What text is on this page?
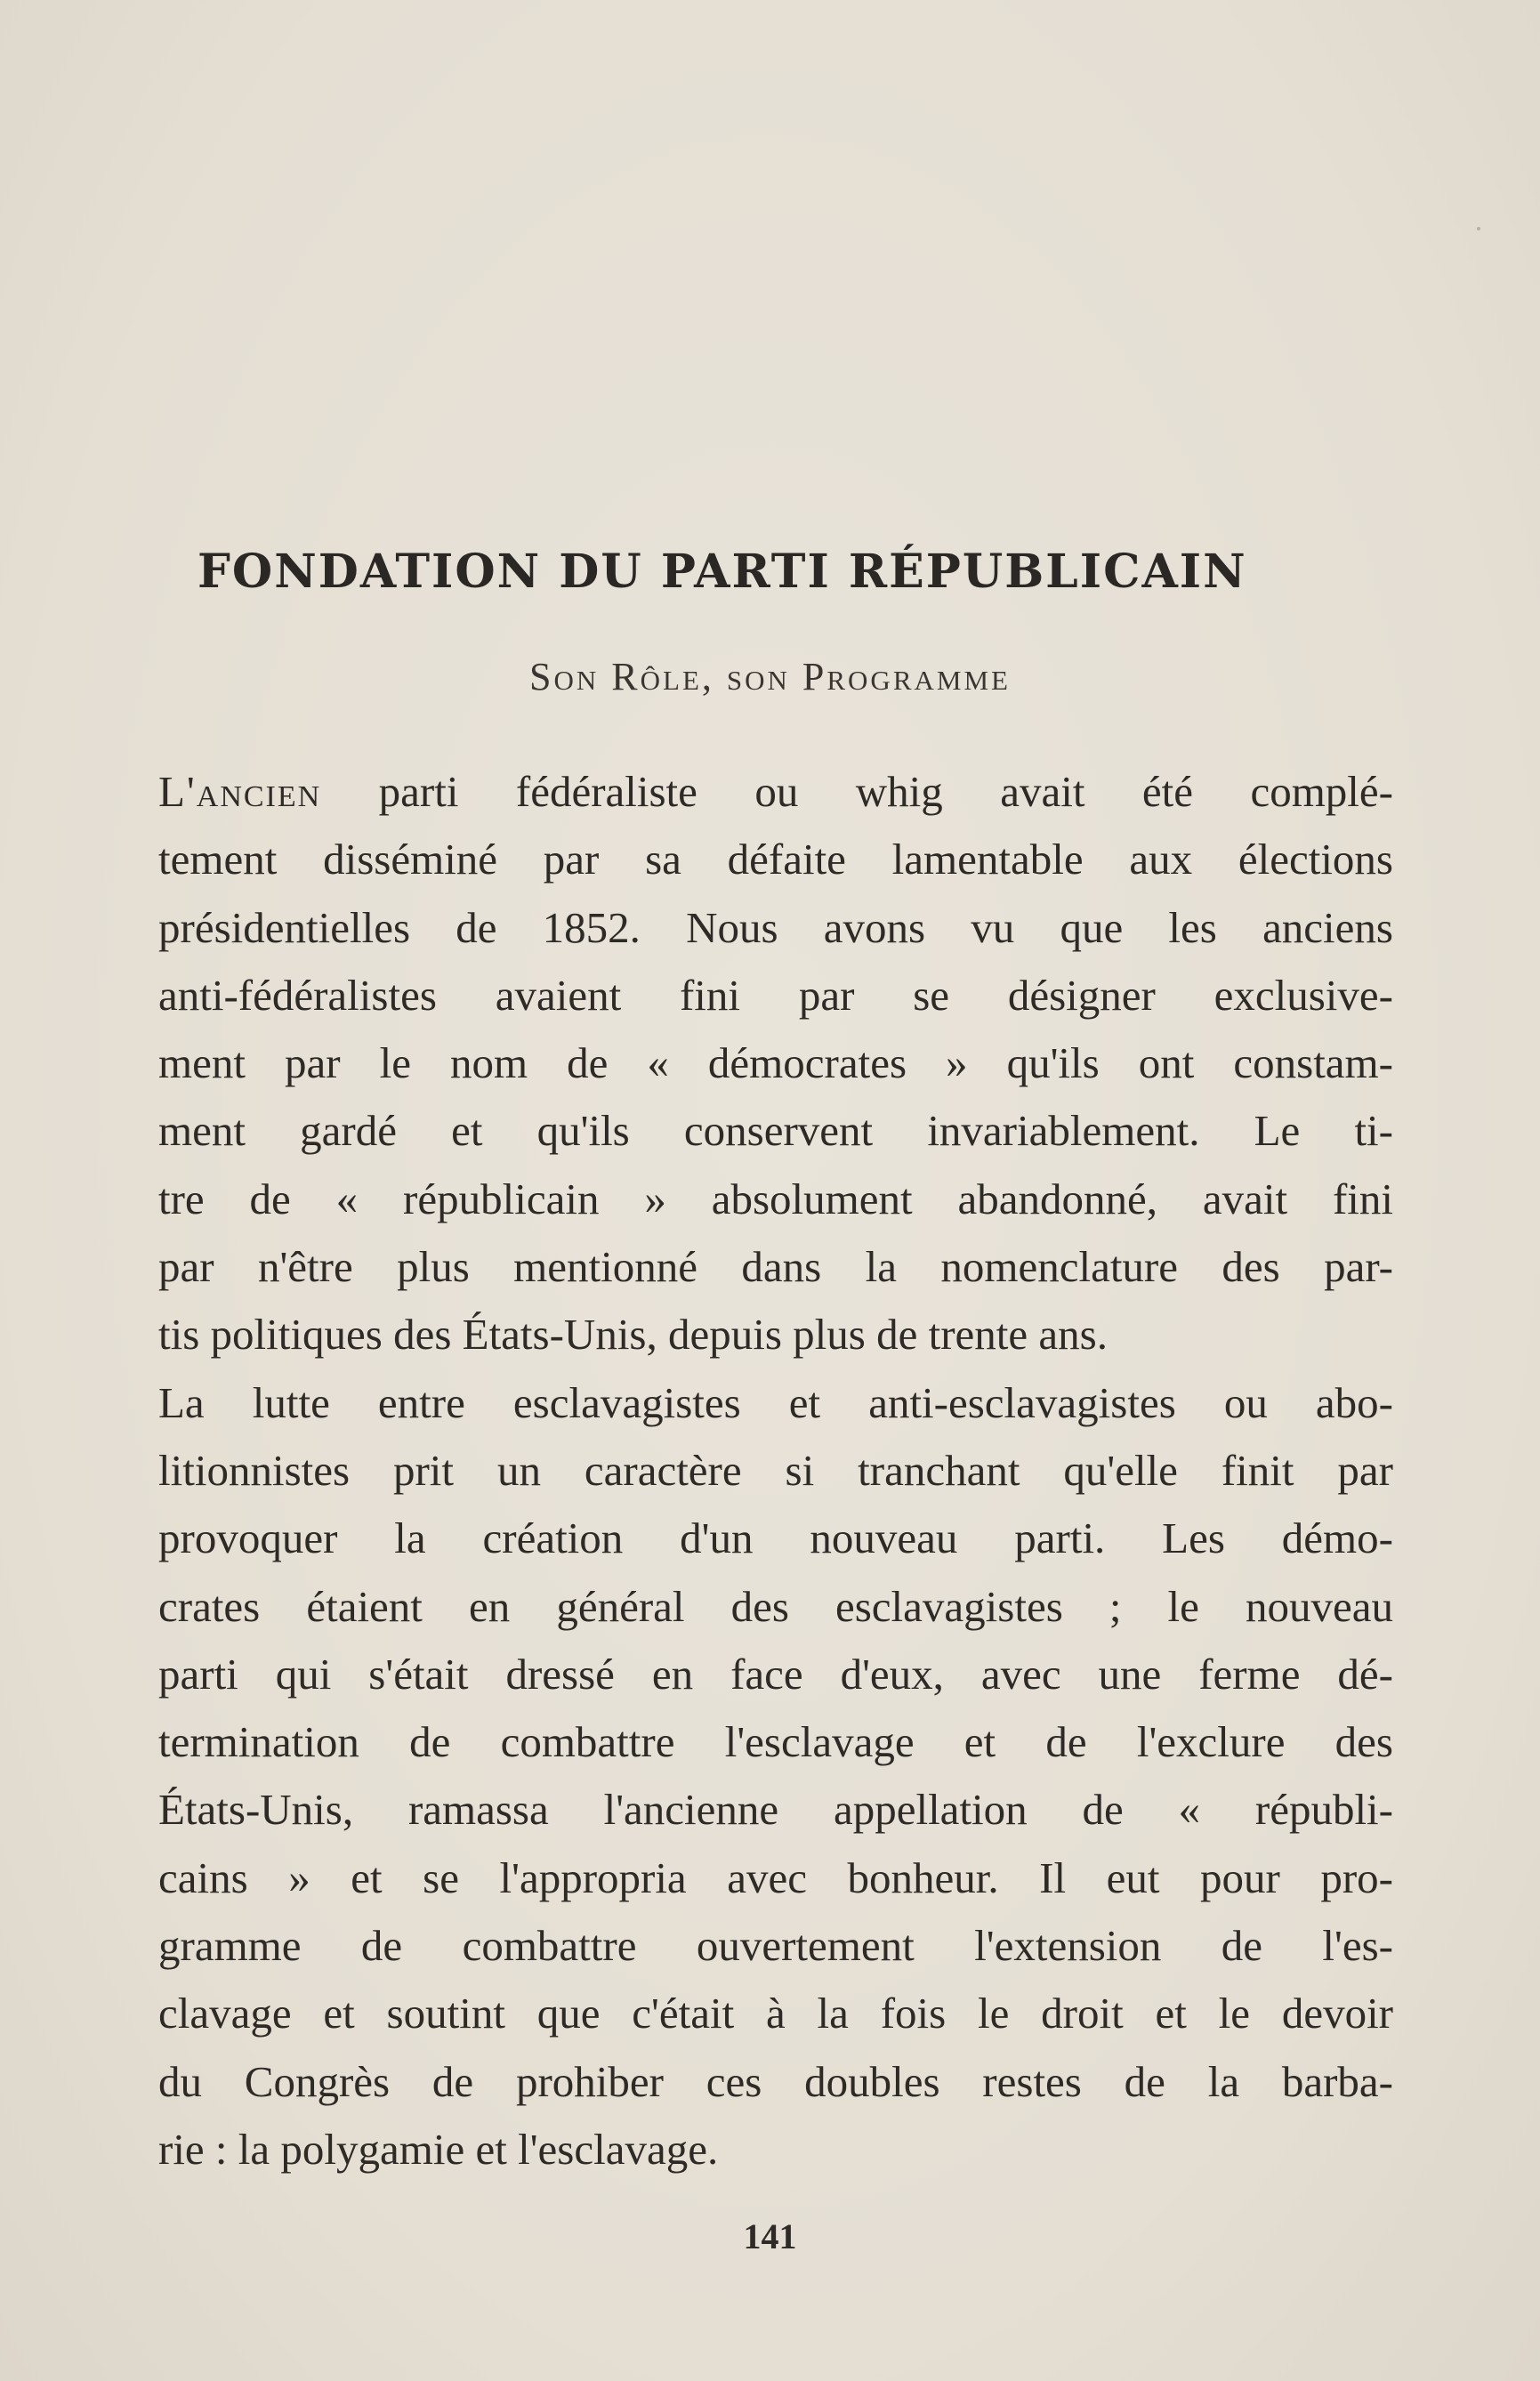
FONDATION DU PARTI RÉPUBLICAIN
Son Rôle, son Programme
L'ancien parti fédéraliste ou whig avait été complé-
tement disséminé par sa défaite lamentable aux élections
présidentielles de 1852. Nous avons vu que les anciens
anti-fédéralistes avaient fini par se désigner exclusive-
ment par le nom de « démocrates » qu'ils ont constam-
ment gardé et qu'ils conservent invariablement. Le ti-
tre de « républicain » absolument abandonné, avait fini
par n'être plus mentionné dans la nomenclature des par-
tis politiques des États-Unis, depuis plus de trente ans.
La lutte entre esclavagistes et anti-esclavagistes ou abo-
litionnistes prit un caractère si tranchant qu'elle finit par
provoquer la création d'un nouveau parti. Les démo-
crates étaient en général des esclavagistes ; le nouveau
parti qui s'était dressé en face d'eux, avec une ferme dé-
termination de combattre l'esclavage et de l'exclure des
États-Unis, ramassa l'ancienne appellation de « républi-
cains » et se l'appropria avec bonheur. Il eut pour pro-
gramme de combattre ouvertement l'extension de l'es-
clavage et soutint que c'était à la fois le droit et le devoir
du Congrès de prohiber ces doubles restes de la barba-
rie : la polygamie et l'esclavage.
141
